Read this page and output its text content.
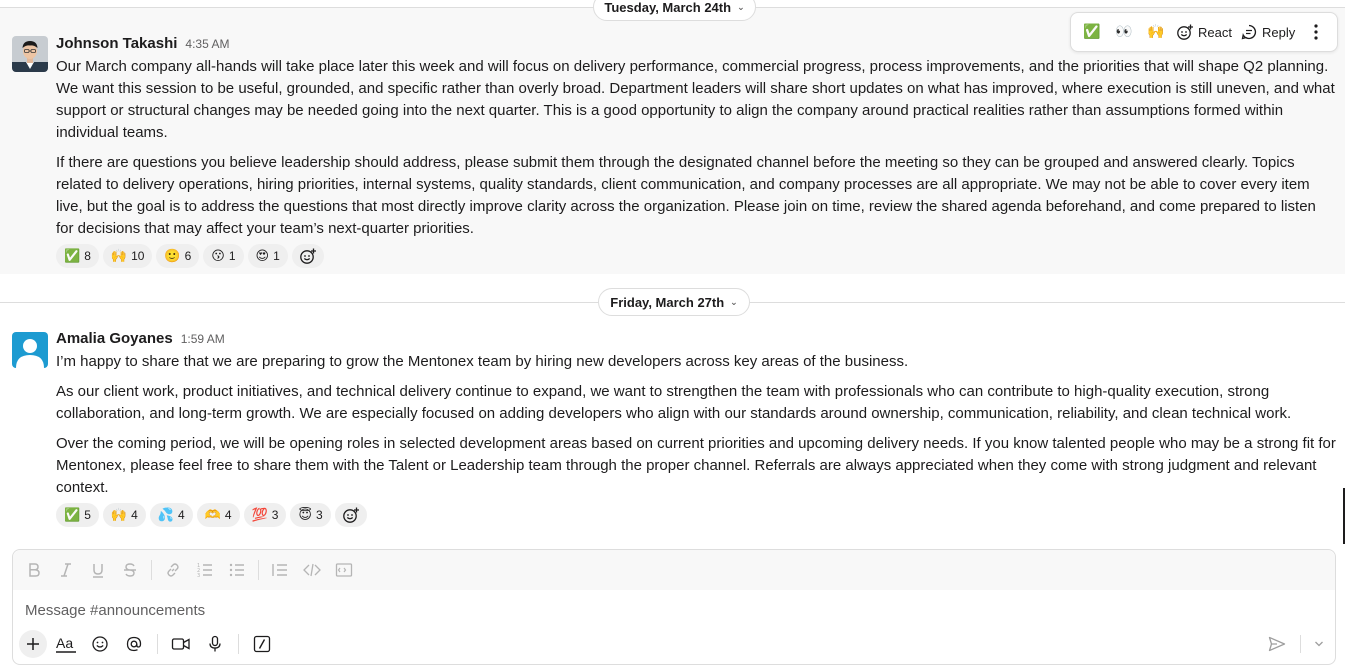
Johnson Takashi 4:35 AM

Our March company all-hands will take place later this week and will focus on delivery performance, commercial progress, process improvements, and the priorities that will shape Q2 planning. We want this session to be useful, grounded, and specific rather than overly broad. Department leaders will share short updates on what has improved, where execution is still uneven, and what support or structural changes may be needed going into the next quarter. This is a good opportunity to align the company around practical realities rather than assumptions formed within individual teams.

If there are questions you believe leadership should address, please submit them through the designated channel before the meeting so they can be grouped and answered clearly. Topics related to delivery operations, hiring priorities, internal systems, quality standards, client communication, and company processes are all appropriate. We may not be able to cover every item live, but the goal is to address the questions that most directly improve clarity across the organization. Please join on time, review the shared agenda beforehand, and come prepared to listen for decisions that may affect your team’s next-quarter priorities.

✅ 8 🙌 10 🙂 6 😗 1 😍 1
Tuesday, March 24th ⌄
✅ 👀 🙌	React Reply
Friday, March 27th ⌄
Amalia Goyanes 1:59 AM

I’m happy to share that we are preparing to grow the Mentonex team by hiring new developers across key areas of the business.

As our client work, product initiatives, and technical delivery continue to expand, we want to strengthen the team with professionals who can contribute to high-quality execution, strong collaboration, and long-term growth. We are especially focused on adding developers who align with our standards around ownership, communication, reliability, and clean technical work.

Over the coming period, we will be opening roles in selected development areas based on current priorities and upcoming delivery needs. If you know talented people who may be a strong fit for Mentonex, please feel free to share them with the Talent or Leadership team through the proper channel. Referrals are always appreciated when they come with strong judgment and relevant context.

✅ 5 🙌 4 💦 4 🫶 4 💯 3 😇 3
1
2
3
Message #announcements
Aa
